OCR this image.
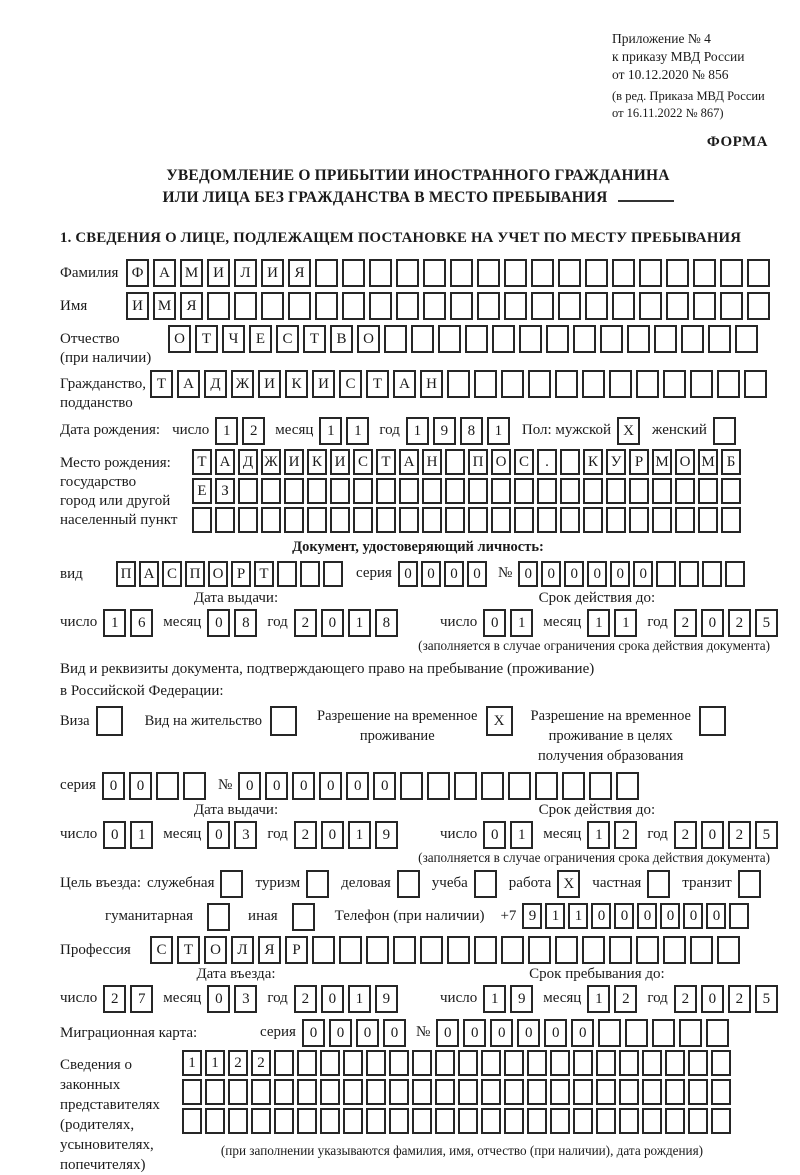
Приложение № 4
к приказу МВД России
от 10.12.2020 № 856
(в ред. Приказа МВД России
от 16.11.2022 № 867)
ФОРМА
УВЕДОМЛЕНИЕ О ПРИБЫТИИ ИНОСТРАННОГО ГРАЖДАНИНА
ИЛИ ЛИЦА БЕЗ ГРАЖДАНСТВА В МЕСТО ПРЕБЫВАНИЯ
1. СВЕДЕНИЯ О ЛИЦЕ, ПОДЛЕЖАЩЕМ ПОСТАНОВКЕ НА УЧЕТ ПО МЕСТУ ПРЕБЫВАНИЯ
Фамилия Ф	А М И	Л	И	Я
Имя	И М	Я
Отчество
(при наличии)
О	Т	Ч	Е	С	Т	В	О
Гражданство,
подданство
Т	А	Д	Ж И	К	И	С	Т	А	Н
Дата рождения: число 1	2	месяц 1	1	год 1	9	8	1	Пол: мужской X	женский
Место рождения:
государство
город или другой
населенный пункт
Т А Д Ж И К И С Т А Н	П О С	.	К У Р М О М Б
Е З
Документ, удостоверяющий личность:
вид	П А С П О Р Т	серия 0	0	0	0	№ 0	0	0	0	0	0
Дата выдачи:
число 1	6	месяц 0	8	год 2	0	1	8
Срок действия до:
число 0	1	месяц 1	1	год 2	0	2	5
(заполняется в случае ограничения срока действия документа)
Вид и реквизиты документа, подтверждающего право на пребывание (проживание)
в Российской Федерации:
Виза	Вид на жительство	Разрешение на временное
проживание
X	Разрешение на временное
проживание в целях
получения образования
серия 0	0	№ 0	0	0	0	0	0
Дата выдачи:
число 0	1	месяц 0	3	год 2	0	1	9
Срок действия до:
число 0	1	месяц 1	2	год 2	0	2	5
(заполняется в случае ограничения срока действия документа)
Цель въезда: служебная	туризм	деловая	учеба	работа X	частная	транзит
гуманитарная	иная	Телефон (при наличии) +7 9	1	1	0	0	0	0	0	0
Профессия	С	Т	О	Л	Я	Р
Дата въезда:
число 2	7	месяц 0	3	год 2	0	1	9
Срок пребывания до:
число 1	9	месяц 1	2	год 2	0	2	5
Миграционная карта:	серия 0	0	0	0	№ 0	0	0	0	0	0
Сведения о
законных
представителях
(родителях,
усыновителях,
попечителях)
1	1	2	2
(при заполнении указываются фамилия, имя, отчество (при наличии), дата рождения)
